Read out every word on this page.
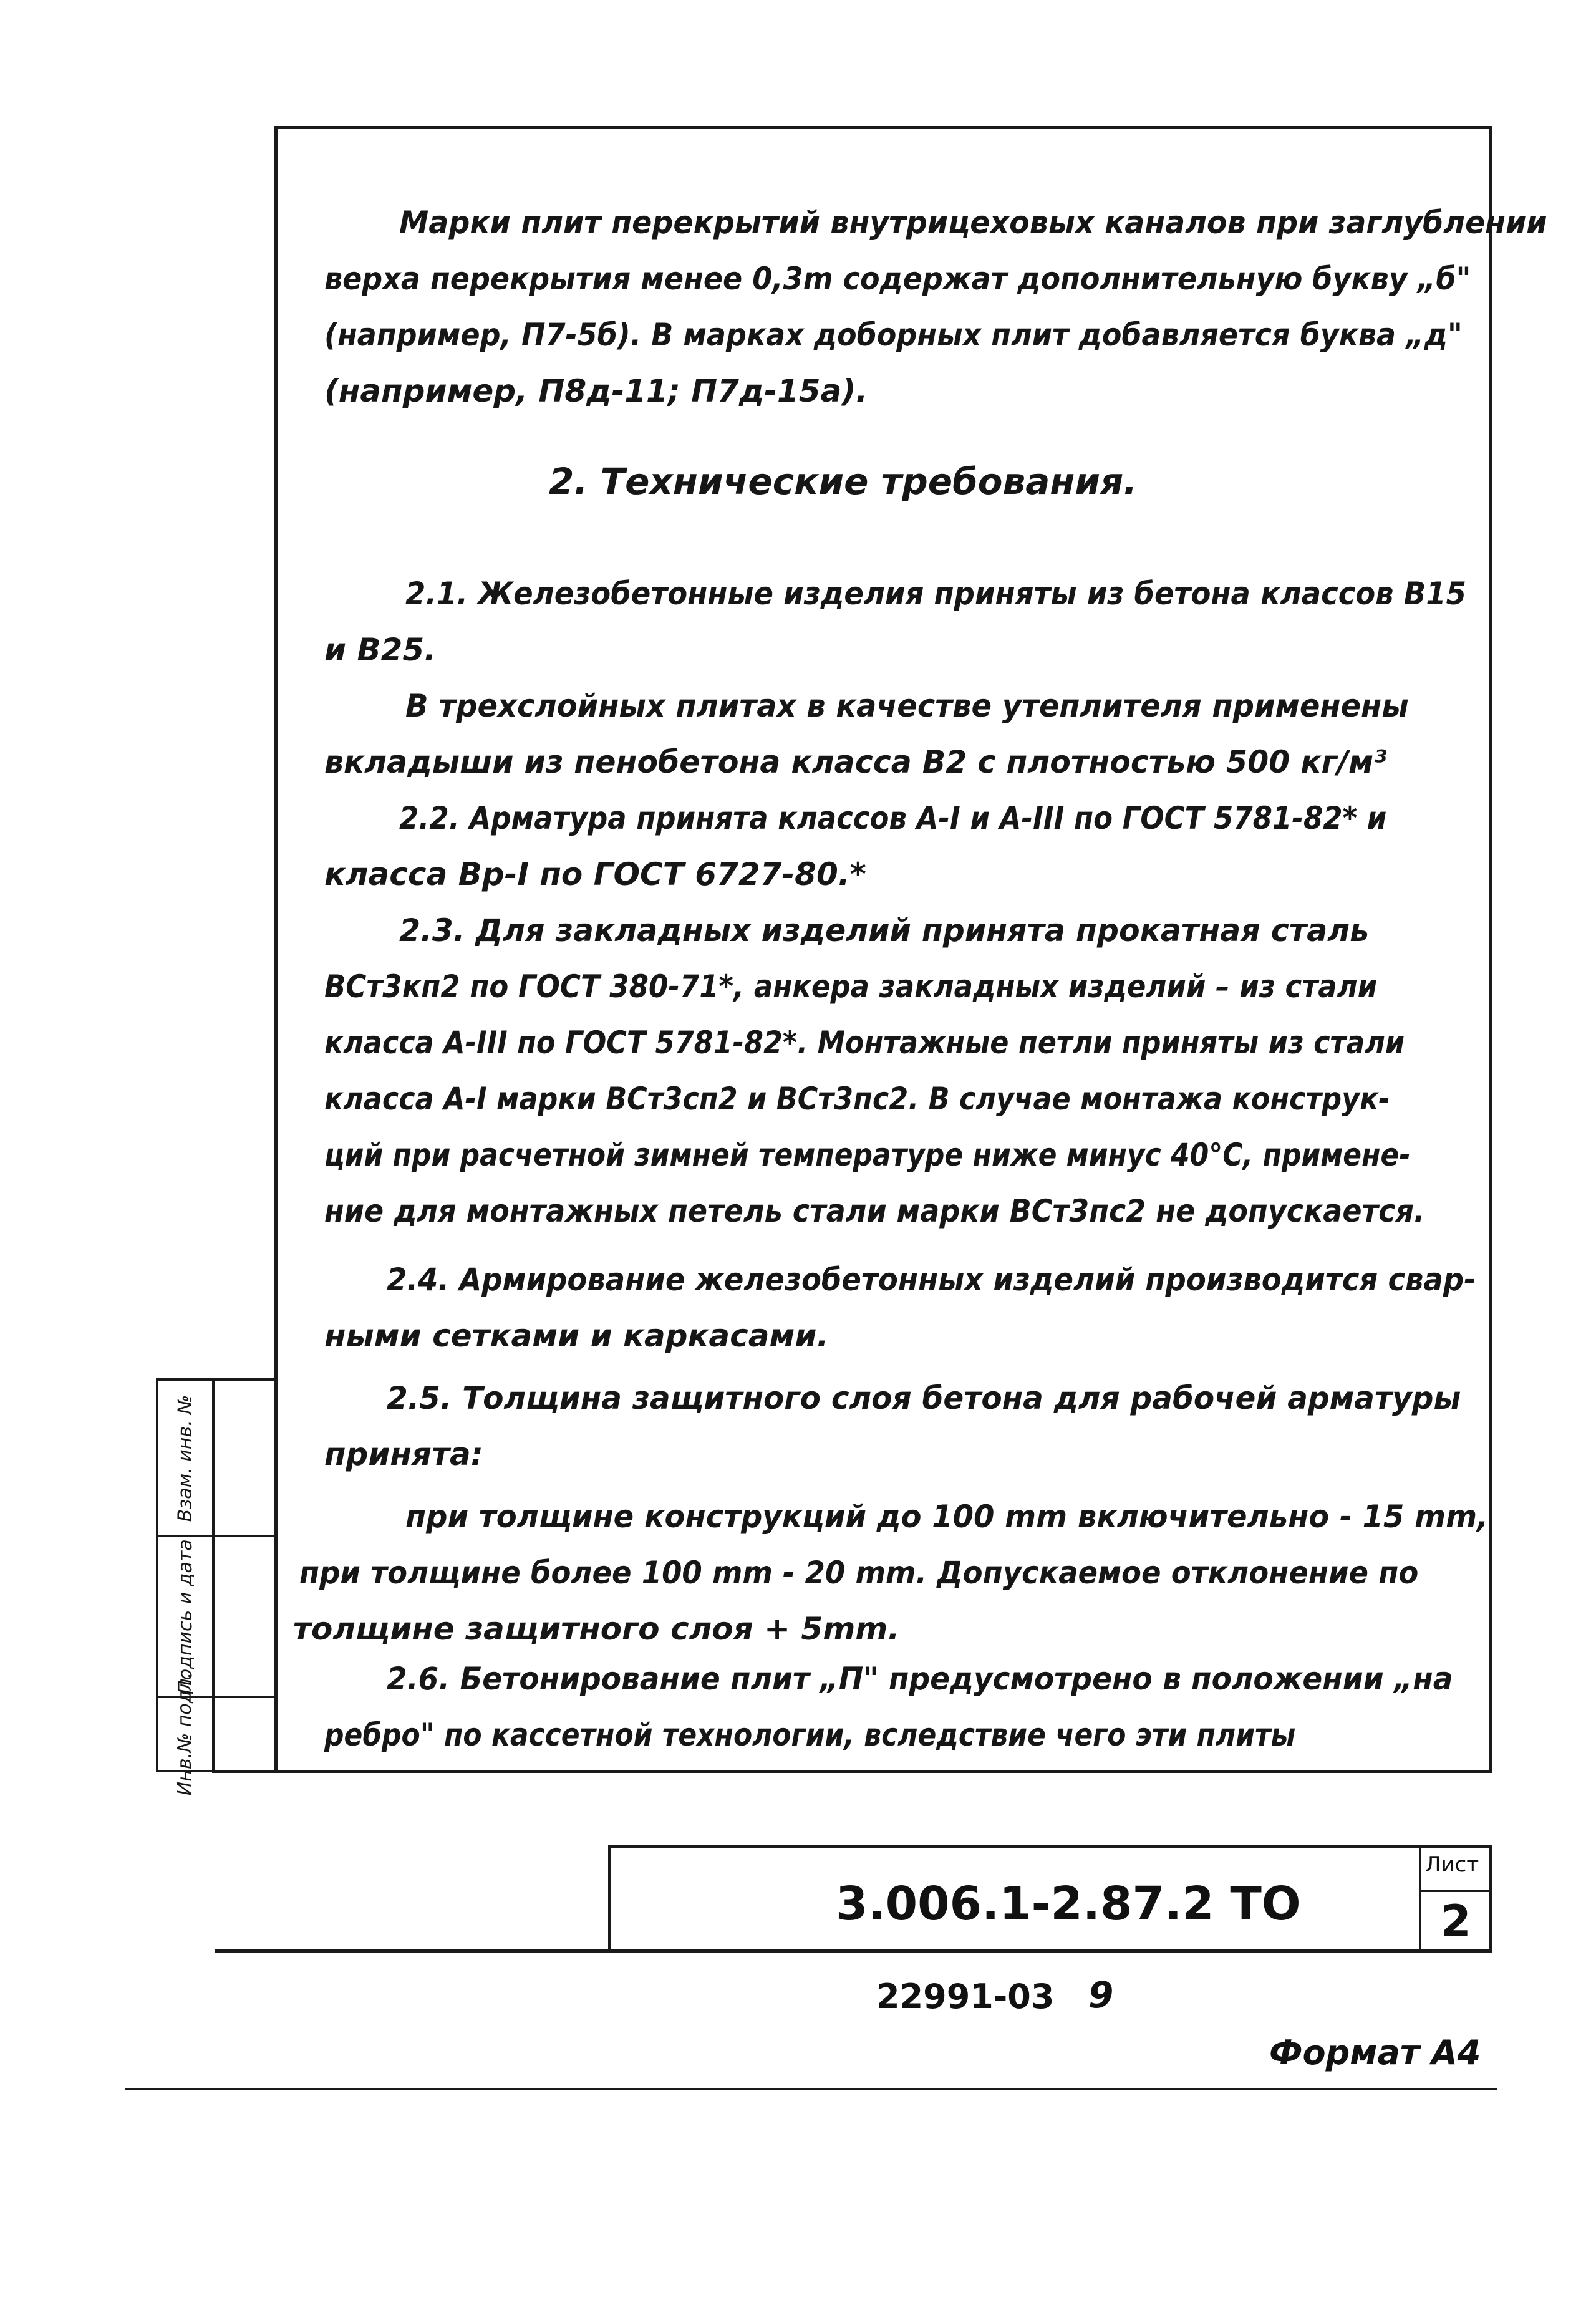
Взам. инв. №
Подпись и дата
Инв.№ подл.

Марки плит перекрытий внутрицеховых каналов при заглублении

верха перекрытия менее 0,3m содержат дополнительную букву „б"

(например, П7-5б). В марках доборных плит добавляется буква „д"

(например, П8д-11; П7д-15а).

2. Технические требования.

2.1. Железобетонные изделия приняты из бетона классов В15

и В25.

В трехслойных плитах в качестве утеплителя применены

вкладыши из пенобетона класса В2 с плотностью 500 кг/м³

2.2. Арматура принята классов А-I и А-III по ГОСТ 5781-82* и

класса Вр-I по ГОСТ 6727-80.*

2.3. Для закладных изделий принята прокатная сталь

ВСт3кп2 по ГОСТ 380-71*, анкера закладных изделий – из стали

класса А-III по ГОСТ 5781-82*. Монтажные петли приняты из стали

класса А-I марки ВСт3сп2 и ВСт3пс2. В случае монтажа конструк-

ций при расчетной зимней температуре ниже минус 40°С, примене-

ние для монтажных петель стали марки ВСт3пс2 не допускается.

2.4. Армирование железобетонных изделий производится свар-

ными сетками и каркасами.

2.5. Толщина защитного слоя бетона для рабочей арматуры

принята:

при толщине конструкций до 100 mm включительно - 15 mm,

при толщине более 100 mm - 20 mm. Допускаемое отклонение по

толщине защитного слоя + 5mm.

2.6. Бетонирование плит „П" предусмотрено в положении „на

ребро" по кассетной технологии, вследствие чего эти плиты

3.006.1-2.87.2 ТО
Лист
2
22991-03 9
Формат А4
